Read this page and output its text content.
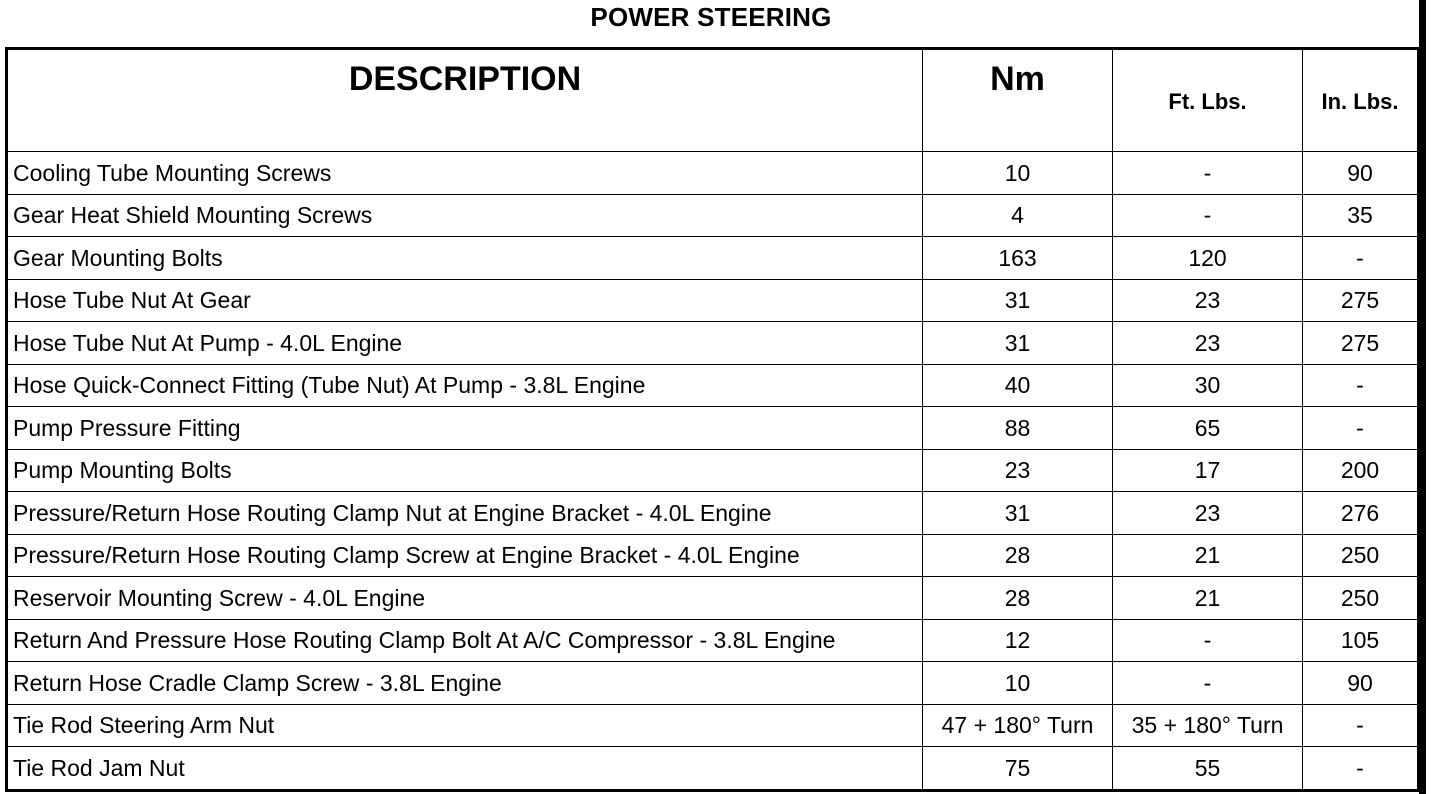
POWER STEERING
DESCRIPTION	Nm	Ft. Lbs.	In. Lbs.
Cooling Tube Mounting Screws	10	-	90
Gear Heat Shield Mounting Screws	4	-	35
Gear Mounting Bolts	163	120	-
Hose Tube Nut At Gear	31	23	275
Hose Tube Nut At Pump - 4.0L Engine	31	23	275
Hose Quick-Connect Fitting (Tube Nut) At Pump - 3.8L Engine	40	30	-
Pump Pressure Fitting	88	65	-
Pump Mounting Bolts	23	17	200
Pressure/Return Hose Routing Clamp Nut at Engine Bracket - 4.0L Engine	31	23	276
Pressure/Return Hose Routing Clamp Screw at Engine Bracket - 4.0L Engine	28	21	250
Reservoir Mounting Screw - 4.0L Engine	28	21	250
Return And Pressure Hose Routing Clamp Bolt At A/C Compressor - 3.8L Engine	12	-	105
Return Hose Cradle Clamp Screw - 3.8L Engine	10	-	90
Tie Rod Steering Arm Nut	47 + 180° Turn	35 + 180° Turn	-
Tie Rod Jam Nut	75	55	-
